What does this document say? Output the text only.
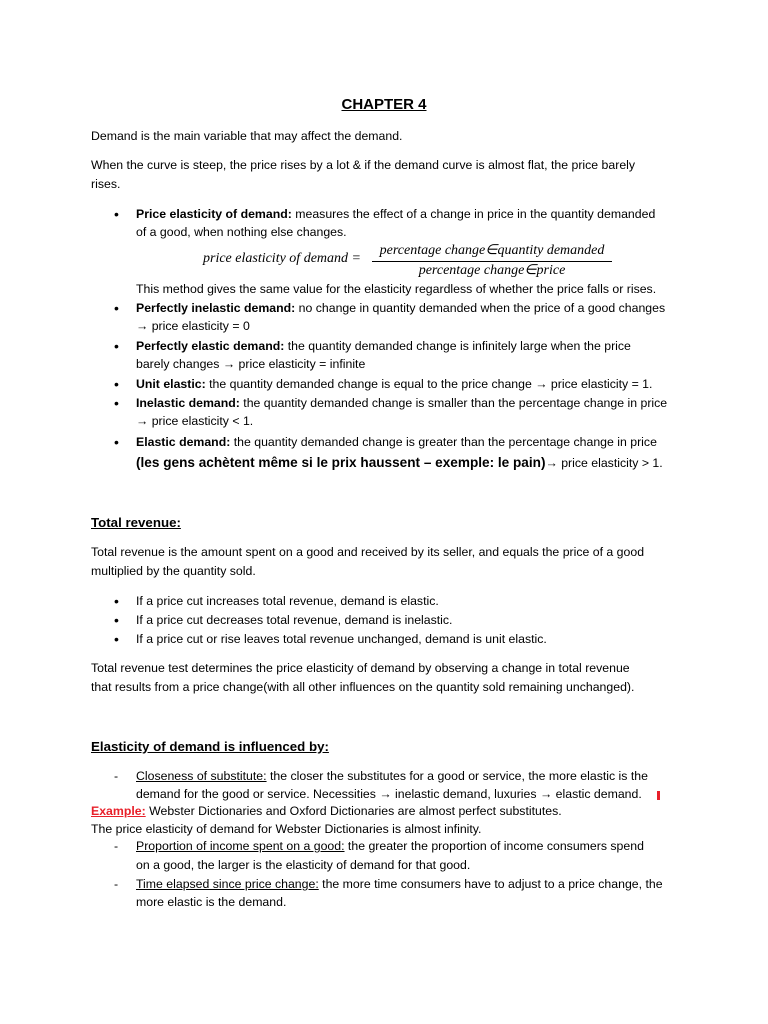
CHAPTER 4
Demand is the main variable that may affect the demand.
When the curve is steep, the price rises by a lot & if the demand curve is almost flat, the price barely
rises.
• Price elasticity of demand: measures the effect of a change in price in the quantity demanded
of a good, when nothing else changes.
price elasticity of demand =
percentage change∈quantity demanded
percentage change∈price
This method gives the same value for the elasticity regardless of whether the price falls or rises.
• Perfectly inelastic demand: no change in quantity demanded when the price of a good changes
→ price elasticity = 0
• Perfectly elastic demand: the quantity demanded change is infinitely large when the price
barely changes → price elasticity = infinite
• Unit elastic: the quantity demanded change is equal to the price change → price elasticity = 1.
• Inelastic demand: the quantity demanded change is smaller than the percentage change in price
→ price elasticity < 1.
• Elastic demand: the quantity demanded change is greater than the percentage change in price
(les gens achètent même si le prix haussent – exemple: le pain)→ price elasticity > 1.
Total revenue:
Total revenue is the amount spent on a good and received by its seller, and equals the price of a good
multiplied by the quantity sold.
• If a price cut increases total revenue, demand is elastic.
• If a price cut decreases total revenue, demand is inelastic.
• If a price cut or rise leaves total revenue unchanged, demand is unit elastic.
Total revenue test determines the price elasticity of demand by observing a change in total revenue
that results from a price change(with all other influences on the quantity sold remaining unchanged).
Elasticity of demand is influenced by:
- Closeness of substitute: the closer the substitutes for a good or service, the more elastic is the
demand for the good or service. Necessities → inelastic demand, luxuries → elastic demand.
Example: Webster Dictionaries and Oxford Dictionaries are almost perfect substitutes.
The price elasticity of demand for Webster Dictionaries is almost infinity.
- Proportion of income spent on a good: the greater the proportion of income consumers spend
on a good, the larger is the elasticity of demand for that good.
- Time elapsed since price change: the more time consumers have to adjust to a price change, the
more elastic is the demand.
